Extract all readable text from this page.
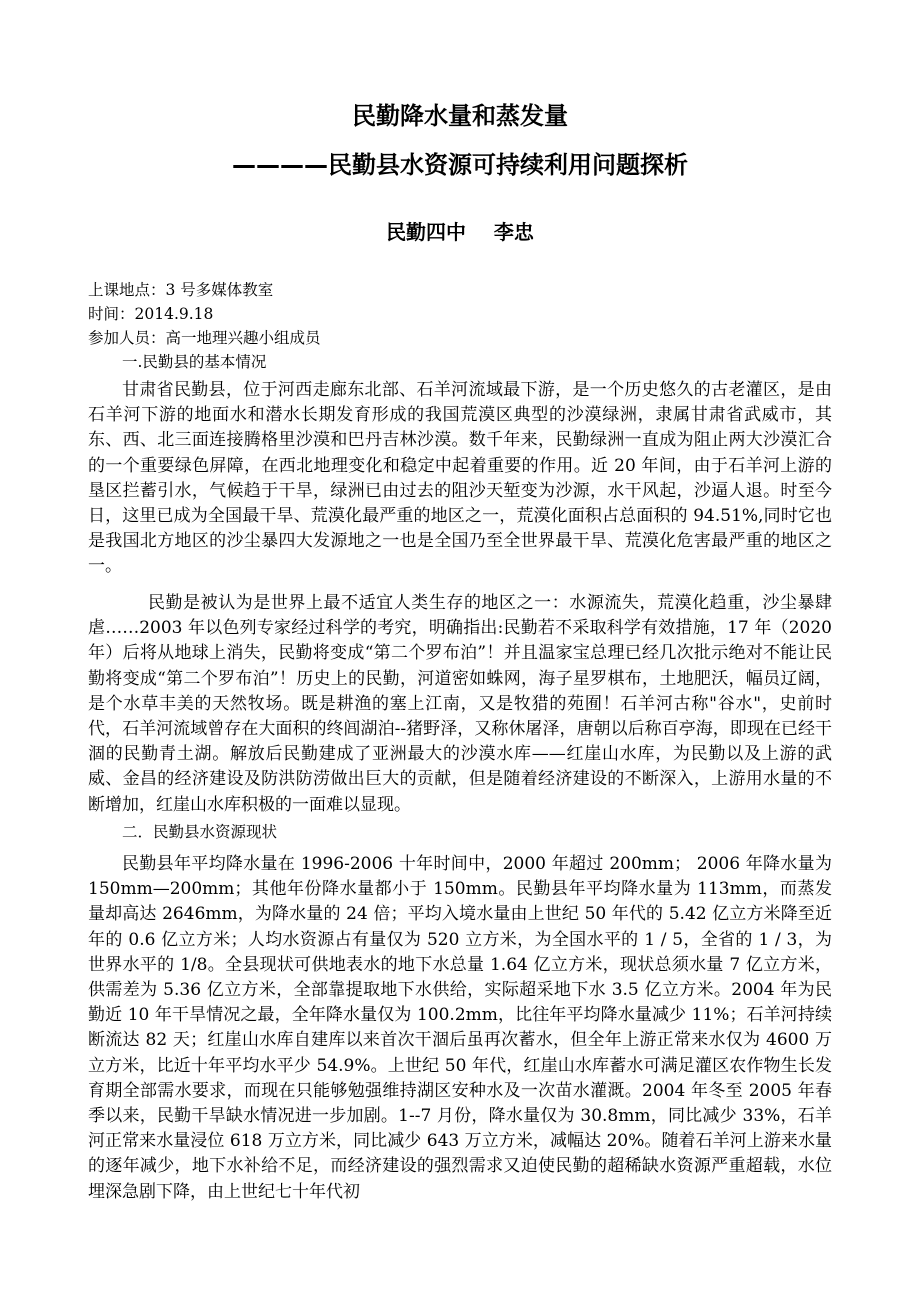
民勤降水量和蒸发量
————民勤县水资源可持续利用问题探析

民勤四中    李忠

上课地点：3 号多媒体教室

时间：2014.9.18

参加人员：高一地理兴趣小组成员

一.民勤县的基本情况

甘肃省民勤县，位于河西走廊东北部、石羊河流域最下游，是一个历史悠久的古老灌区，是由石羊河下游的地面水和潜水长期发育形成的我国荒漠区典型的沙漠绿洲，隶属甘肃省武威市，其东、西、北三面连接腾格里沙漠和巴丹吉林沙漠。数千年来，民勤绿洲一直成为阻止两大沙漠汇合的一个重要绿色屏障，在西北地理变化和稳定中起着重要的作用。近 20 年间，由于石羊河上游的垦区拦蓄引水，气候趋于干旱，绿洲已由过去的阻沙天堑变为沙源，水干风起，沙逼人退。时至今日，这里已成为全国最干旱、荒漠化最严重的地区之一，荒漠化面积占总面积的 94.51%,同时它也是我国北方地区的沙尘暴四大发源地之一也是全国乃至全世界最干旱、荒漠化危害最严重的地区之一。

民勤是被认为是世界上最不适宜人类生存的地区之一：水源流失，荒漠化趋重，沙尘暴肆虐……2003 年以色列专家经过科学的考究，明确指出:民勤若不采取科学有效措施，17 年（2020 年）后将从地球上消失，民勤将变成“第二个罗布泊”！并且温家宝总理已经几次批示绝对不能让民勤将变成“第二个罗布泊”！历史上的民勤，河道密如蛛网，海子星罗棋布，土地肥沃，幅员辽阔，是个水草丰美的天然牧场。既是耕渔的塞上江南，又是牧猎的苑囿！石羊河古称"谷水"，史前时代，石羊河流域曾存在大面积的终闾湖泊--猪野泽，又称休屠泽，唐朝以后称百亭海，即现在已经干涸的民勤青土湖。解放后民勤建成了亚洲最大的沙漠水库——红崖山水库，为民勤以及上游的武威、金昌的经济建设及防洪防涝做出巨大的贡献，但是随着经济建设的不断深入，上游用水量的不断增加，红崖山水库积极的一面难以显现。

二．民勤县水资源现状

民勤县年平均降水量在 1996-2006 十年时间中，2000 年超过 200mm； 2006 年降水量为 150mm—200mm；其他年份降水量都小于 150mm。民勤县年平均降水量为 113mm，而蒸发量却高达 2646mm，为降水量的 24 倍；平均入境水量由上世纪 50 年代的 5.42 亿立方米降至近年的 0.6 亿立方米；人均水资源占有量仅为 520 立方米，为全国水平的 1 / 5，全省的 1 / 3，为世界水平的 1/8。全县现状可供地表水的地下水总量 1.64 亿立方米，现状总须水量 7 亿立方米，供需差为 5.36 亿立方米，全部靠提取地下水供给，实际超采地下水 3.5 亿立方米。2004 年为民勤近 10 年干旱情况之最，全年降水量仅为 100.2mm，比往年平均降水量减少 11%；石羊河持续断流达 82 天；红崖山水库自建库以来首次干涸后虽再次蓄水，但全年上游正常来水仅为 4600 万立方米，比近十年平均水平少 54.9%。上世纪 50 年代，红崖山水库蓄水可满足灌区农作物生长发育期全部需水要求，而现在只能够勉强维持湖区安种水及一次苗水灌溉。2004 年冬至 2005 年春季以来，民勤干旱缺水情况进一步加剧。1--7 月份，降水量仅为 30.8mm，同比减少 33%，石羊河正常来水量浸位 618 万立方米，同比减少 643 万立方米，减幅达 20%。随着石羊河上游来水量的逐年减少，地下水补给不足，而经济建设的强烈需求又迫使民勤的超稀缺水资源严重超载，水位埋深急剧下降，由上世纪七十年代初
